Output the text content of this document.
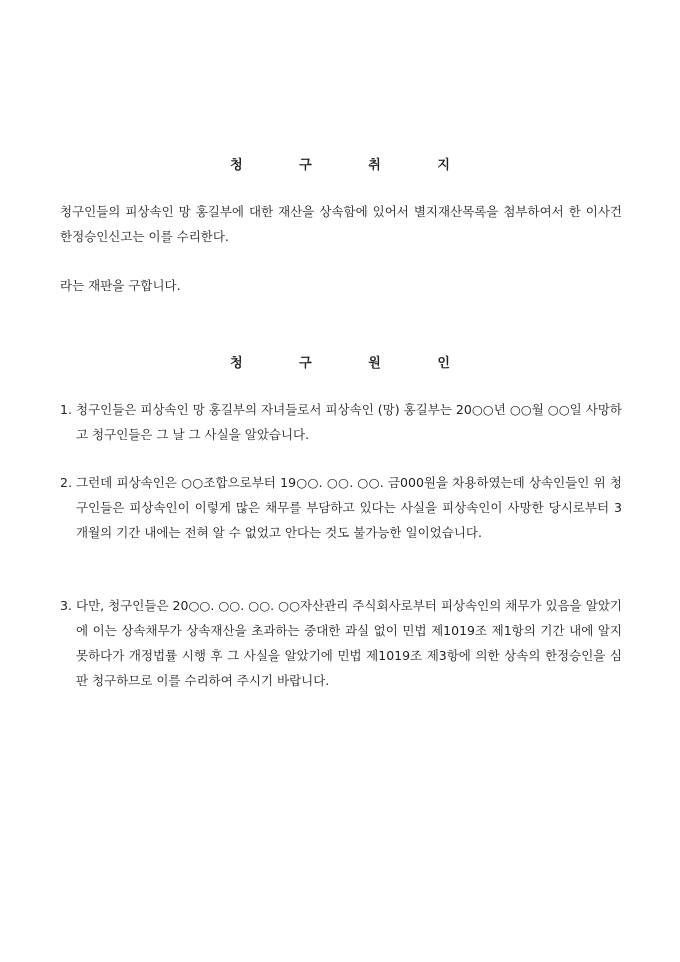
청 구 취 지
청구인들의 피상속인 망 홍길부에 대한 재산을 상속함에 있어서 별지재산목록을 첨부하여서 한 이사건 한정승인신고는 이를 수리한다.
라는 재판을 구합니다.
청 구 원 인
1. 청구인들은 피상속인 망 홍길부의 자녀들로서 피상속인 (망) 홍길부는 20○○년 ○○월 ○○일 사망하고 청구인들은 그 날 그 사실을 알았습니다.
2. 그런데 피상속인은 ○○조합으로부터 19○○. ○○. ○○. 금000원을 차용하였는데 상속인들인 위 청구인들은 피상속인이 이렇게 많은 채무를 부담하고 있다는 사실을 피상속인이 사망한 당시로부터 3개월의 기간 내에는 전혀 알 수 없었고 안다는 것도 불가능한 일이었습니다.
3. 다만, 청구인들은 20○○. ○○. ○○. ○○자산관리 주식회사로부터 피상속인의 채무가 있음을 알았기에 이는 상속채무가 상속재산을 초과하는 중대한 과실 없이 민법 제1019조 제1항의 기간 내에 알지 못하다가 개정법률 시행 후 그 사실을 알았기에 민법 제1019조 제3항에 의한 상속의 한정승인을 심판 청구하므로 이를 수리하여 주시기 바랍니다.
